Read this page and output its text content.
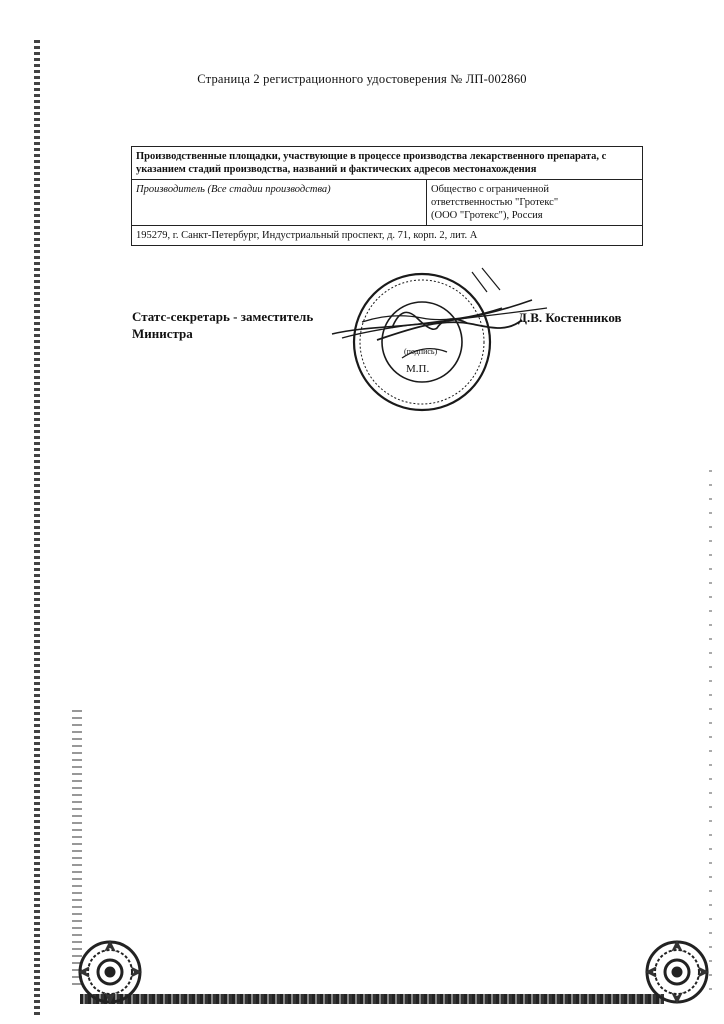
Страница 2 регистрационного удостоверения № ЛП-002860
Производственные площадки, участвующие в процессе производства лекарственного препарата, с указанием стадий производства, названий и фактических адресов местонахождения
Производитель (Все стадии производства)	Общество с ограниченной
ответственностью "Гротекс"
(ООО "Гротекс"), Россия

195279, г. Санкт-Петербург, Индустриальный проспект, д. 71, корп. 2, лит. А
Статс-секретарь - заместитель
Министра
(подпись)
М.П.
Д.В. Костенников
